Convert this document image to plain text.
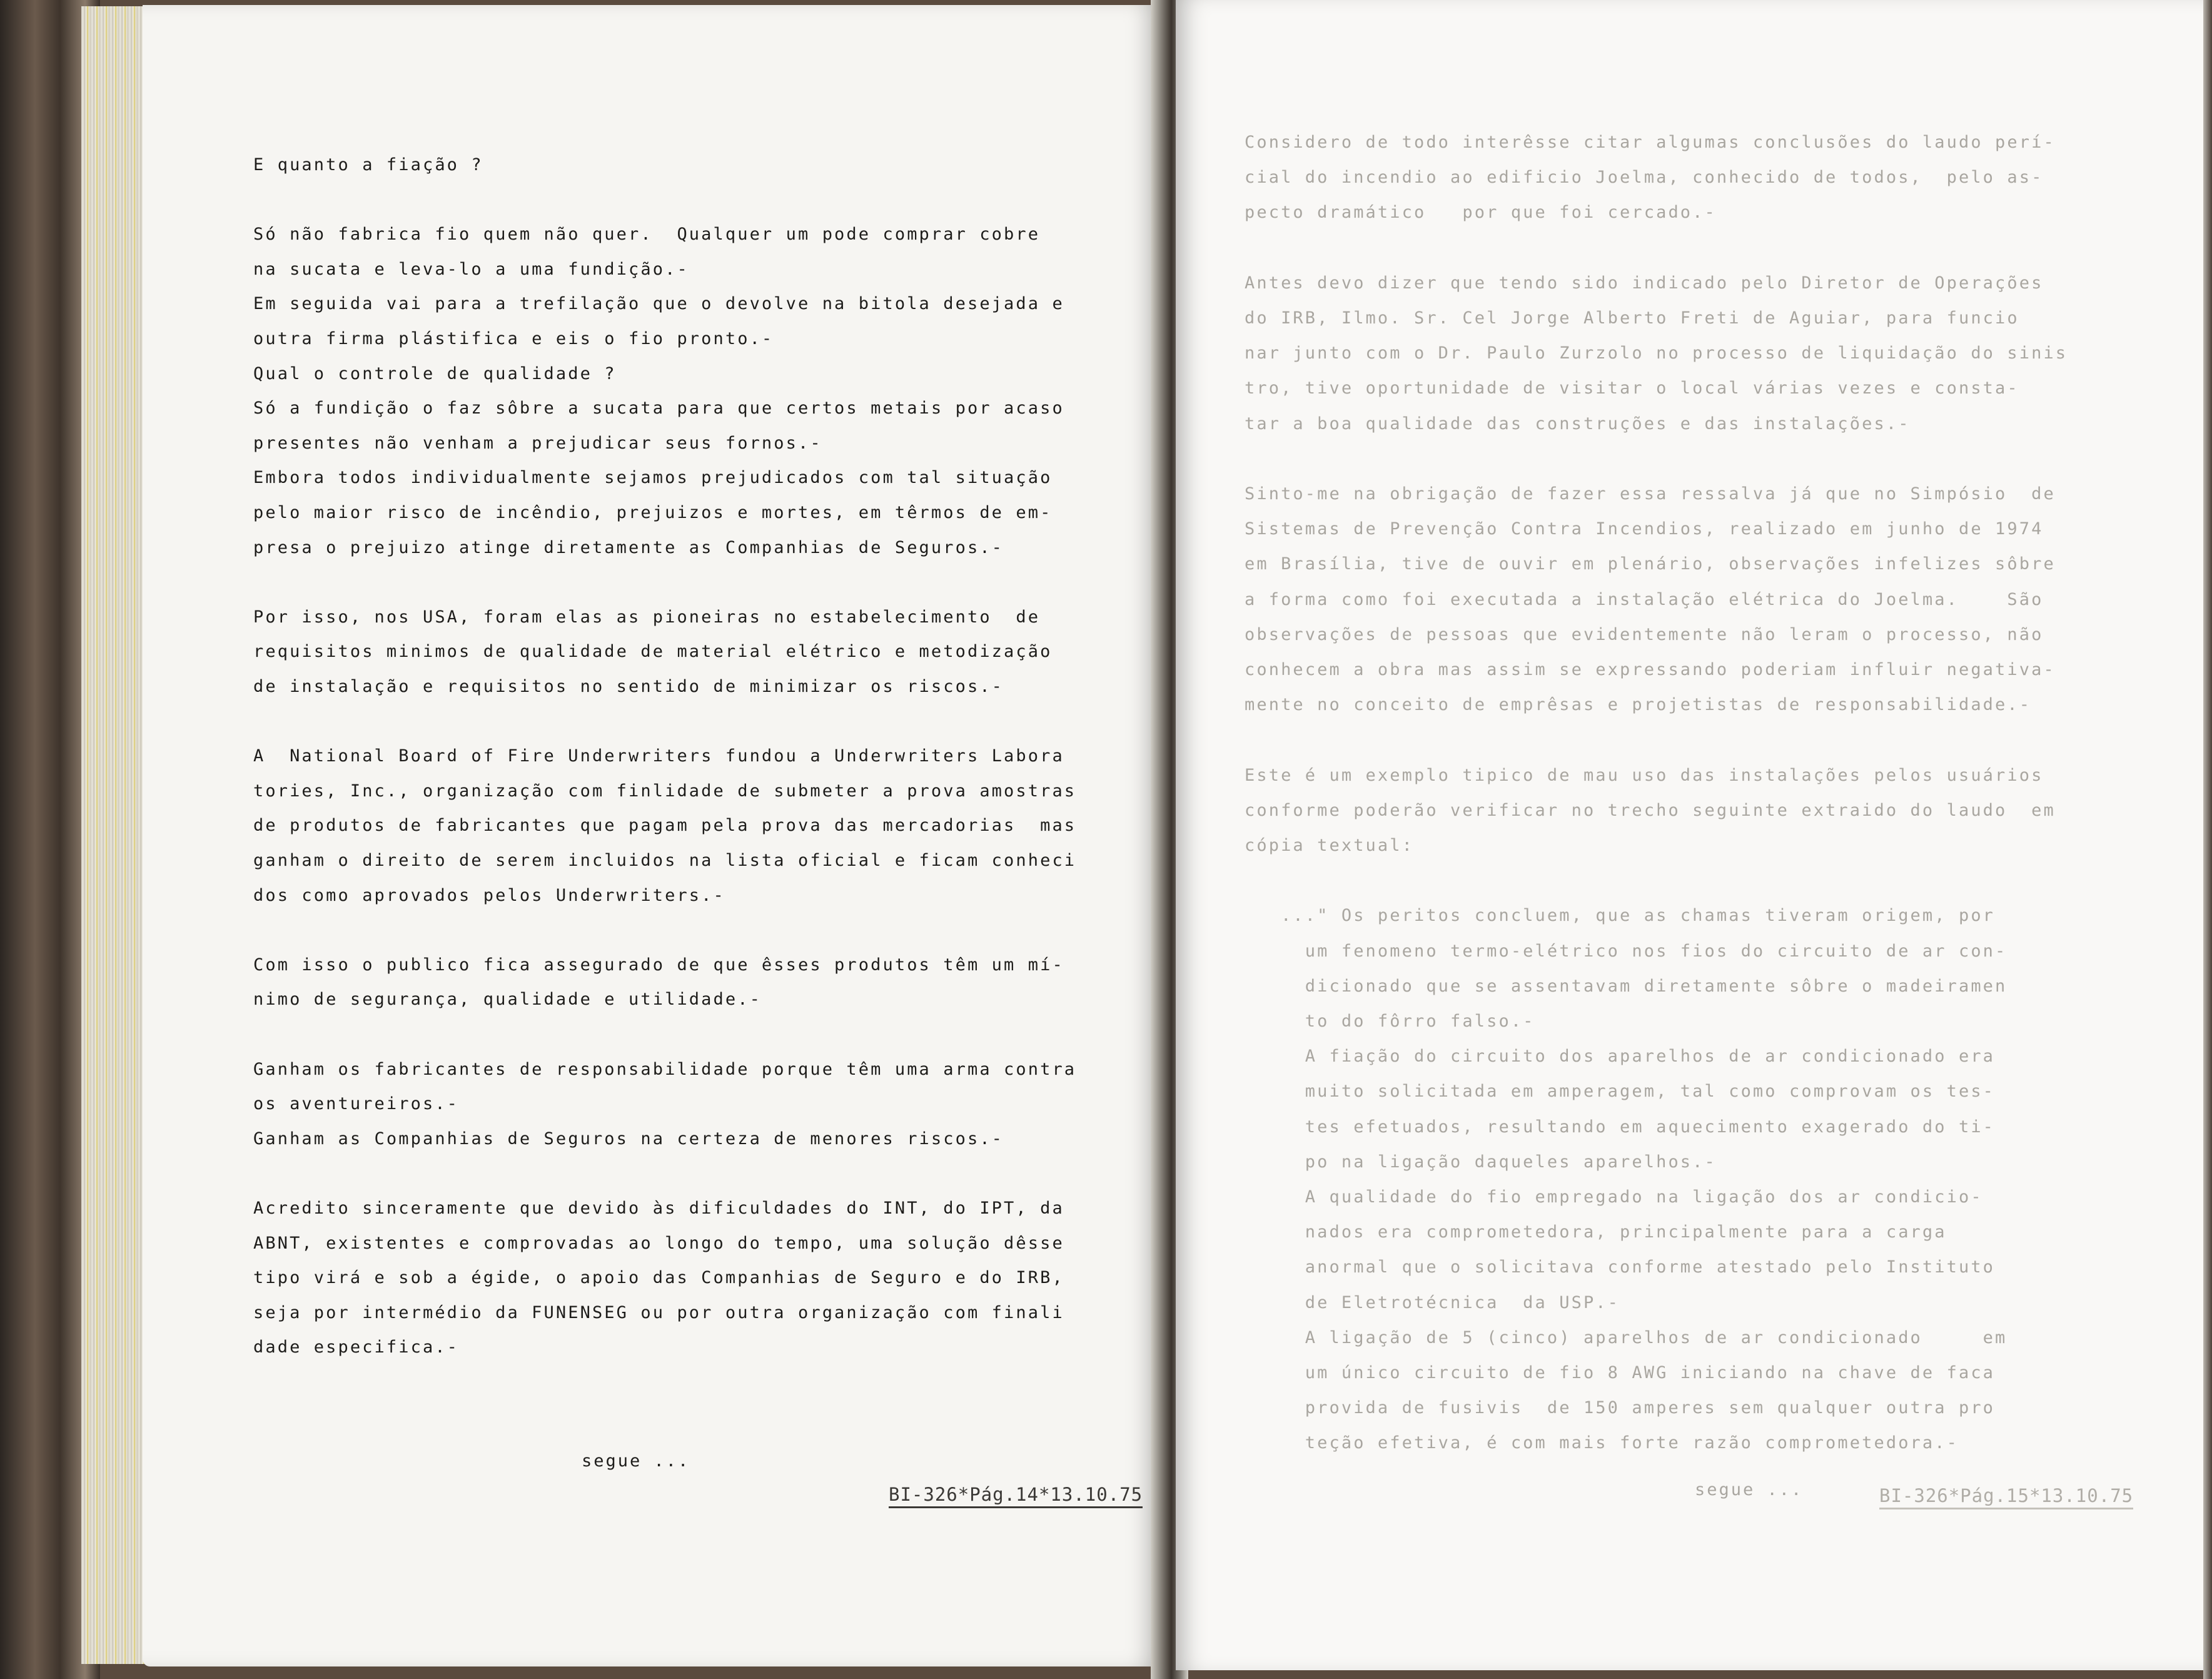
E quanto a fiação ?
Só não fabrica fio quem não quer.  Qualquer um pode comprar cobre
na sucata e leva-lo a uma fundição.-
Em seguida vai para a trefilação que o devolve na bitola desejada e
outra firma plástifica e eis o fio pronto.-
Qual o controle de qualidade ?
Só a fundição o faz sôbre a sucata para que certos metais por acaso
presentes não venham a prejudicar seus fornos.-
Embora todos individualmente sejamos prejudicados com tal situação
pelo maior risco de incêndio, prejuizos e mortes, em têrmos de em-
presa o prejuizo atinge diretamente as Companhias de Seguros.-
Por isso, nos USA, foram elas as pioneiras no estabelecimento  de
requisitos minimos de qualidade de material elétrico e metodização
de instalação e requisitos no sentido de minimizar os riscos.-
A  National Board of Fire Underwriters fundou a Underwriters Labora
tories, Inc., organização com finlidade de submeter a prova amostras
de produtos de fabricantes que pagam pela prova das mercadorias  mas
ganham o direito de serem incluidos na lista oficial e ficam conheci
dos como aprovados pelos Underwriters.-
Com isso o publico fica assegurado de que êsses produtos têm um mí-
nimo de segurança, qualidade e utilidade.-
Ganham os fabricantes de responsabilidade porque têm uma arma contra
os aventureiros.-
Ganham as Companhias de Seguros na certeza de menores riscos.-
Acredito sinceramente que devido às dificuldades do INT, do IPT, da
ABNT, existentes e comprovadas ao longo do tempo, uma solução dêsse
tipo virá e sob a égide, o apoio das Companhias de Seguro e do IRB,
seja por intermédio da FUNENSEG ou por outra organização com finali
dade especifica.-
segue ...
BI-326*Pág.14*13.10.75
Considero de todo interêsse citar algumas conclusões do laudo perí-
cial do incendio ao edificio Joelma, conhecido de todos,  pelo as-
pecto dramático   por que foi cercado.-
Antes devo dizer que tendo sido indicado pelo Diretor de Operações
do IRB, Ilmo. Sr. Cel Jorge Alberto Freti de Aguiar, para funcio
nar junto com o Dr. Paulo Zurzolo no processo de liquidação do sinis
tro, tive oportunidade de visitar o local várias vezes e consta-
tar a boa qualidade das construções e das instalações.-
Sinto-me na obrigação de fazer essa ressalva já que no Simpósio  de
Sistemas de Prevenção Contra Incendios, realizado em junho de 1974
em Brasília, tive de ouvir em plenário, observações infelizes sôbre
a forma como foi executada a instalação elétrica do Joelma.    São
observações de pessoas que evidentemente não leram o processo, não
conhecem a obra mas assim se expressando poderiam influir negativa-
mente no conceito de emprêsas e projetistas de responsabilidade.-
Este é um exemplo tipico de mau uso das instalações pelos usuários
conforme poderão verificar no trecho seguinte extraido do laudo  em
cópia textual:
..." Os peritos concluem, que as chamas tiveram origem, por
um fenomeno termo-elétrico nos fios do circuito de ar con-
dicionado que se assentavam diretamente sôbre o madeiramen
to do fôrro falso.-
A fiação do circuito dos aparelhos de ar condicionado era
muito solicitada em amperagem, tal como comprovam os tes-
tes efetuados, resultando em aquecimento exagerado do ti-
po na ligação daqueles aparelhos.-
A qualidade do fio empregado na ligação dos ar condicio-
nados era comprometedora, principalmente para a carga
anormal que o solicitava conforme atestado pelo Instituto
de Eletrotécnica  da USP.-
A ligação de 5 (cinco) aparelhos de ar condicionado     em
um único circuito de fio 8 AWG iniciando na chave de faca
provida de fusivis  de 150 amperes sem qualquer outra pro
teção efetiva, é com mais forte razão comprometedora.-
segue ...	BI-326*Pág.15*13.10.75
